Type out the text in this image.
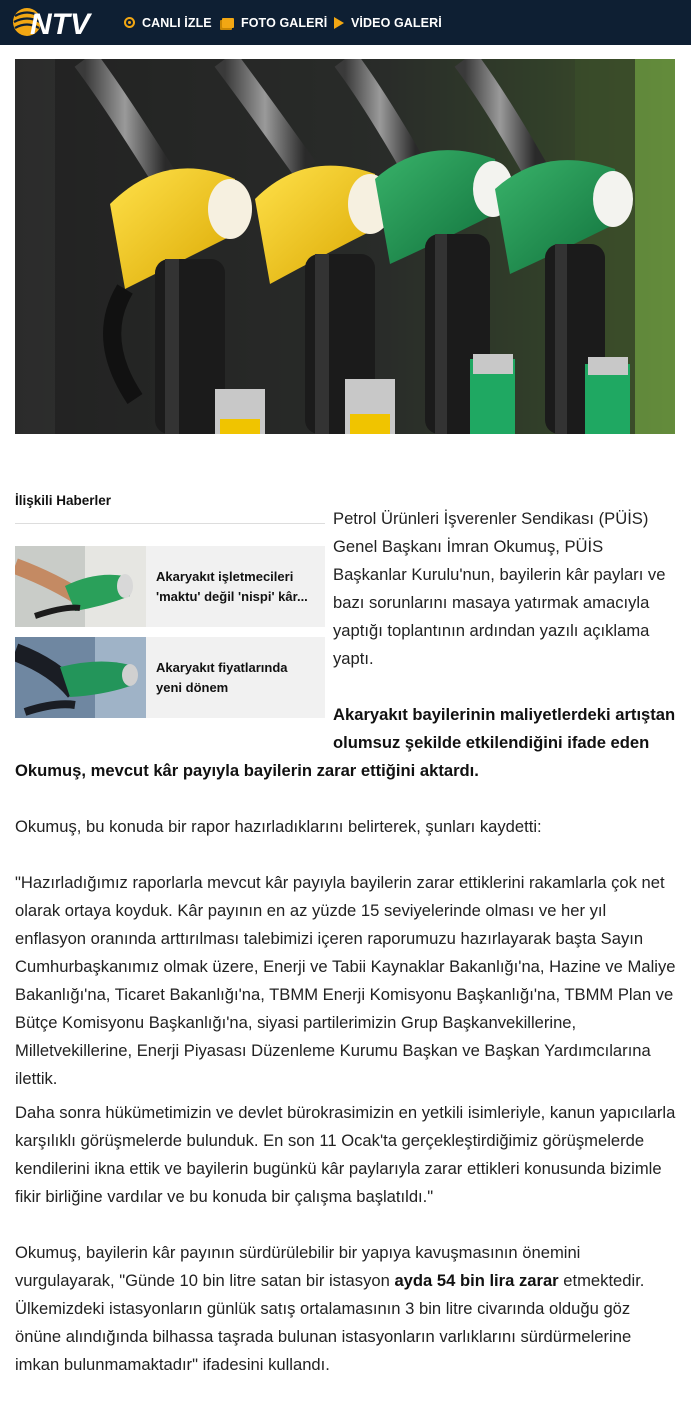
NTV	CANLI İZLE FOTO GALERİ VİDEO GALERİ
İlişkili Haberler
Akaryakıt işletmecileri 'maktu' değil 'nispi' kâr...
Akaryakıt fiyatlarında yeni dönem

Petrol Ürünleri İşverenler Sendikası (PÜİS) Genel Başkanı İmran Okumuş, PÜİS Başkanlar Kurulu'nun, bayilerin kâr payları ve bazı sorunlarını masaya yatırmak amacıyla yaptığı toplantının ardından yazılı açıklama yaptı.

Akaryakıt bayilerinin maliyetlerdeki artıştan olumsuz şekilde etkilendiğini ifade eden Okumuş, mevcut kâr payıyla bayilerin zarar ettiğini aktardı.

Okumuş, bu konuda bir rapor hazırladıklarını belirterek, şunları kaydetti:

"Hazırladığımız raporlarla mevcut kâr payıyla bayilerin zarar ettiklerini rakamlarla çok net olarak ortaya koyduk. Kâr payının en az yüzde 15 seviyelerinde olması ve her yıl enflasyon oranında arttırılması talebimizi içeren raporumuzu hazırlayarak başta Sayın Cumhurbaşkanımız olmak üzere, Enerji ve Tabii Kaynaklar Bakanlığı'na, Hazine ve Maliye Bakanlığı'na, Ticaret Bakanlığı'na, TBMM Enerji Komisyonu Başkanlığı'na, TBMM Plan ve Bütçe Komisyonu Başkanlığı'na, siyasi partilerimizin Grup Başkanvekillerine, Milletvekillerine, Enerji Piyasası Düzenleme Kurumu Başkan ve Başkan Yardımcılarına ilettik.

Daha sonra hükümetimizin ve devlet bürokrasimizin en yetkili isimleriyle, kanun yapıcılarla karşılıklı görüşmelerde bulunduk. En son 11 Ocak'ta gerçekleştirdiğimiz görüşmelerde kendilerini ikna ettik ve bayilerin bugünkü kâr paylarıyla zarar ettikleri konusunda bizimle fikir birliğine vardılar ve bu konuda bir çalışma başlatıldı."

Okumuş, bayilerin kâr payının sürdürülebilir bir yapıya kavuşmasının önemini vurgulayarak, "Günde 10 bin litre satan bir istasyon ayda 54 bin lira zarar etmektedir. Ülkemizdeki istasyonların günlük satış ortalamasının 3 bin litre civarında olduğu göz önüne alındığında bilhassa taşrada bulunan istasyonların varlıklarını sürdürmelerine imkan bulunmamaktadır" ifadesini kullandı.
